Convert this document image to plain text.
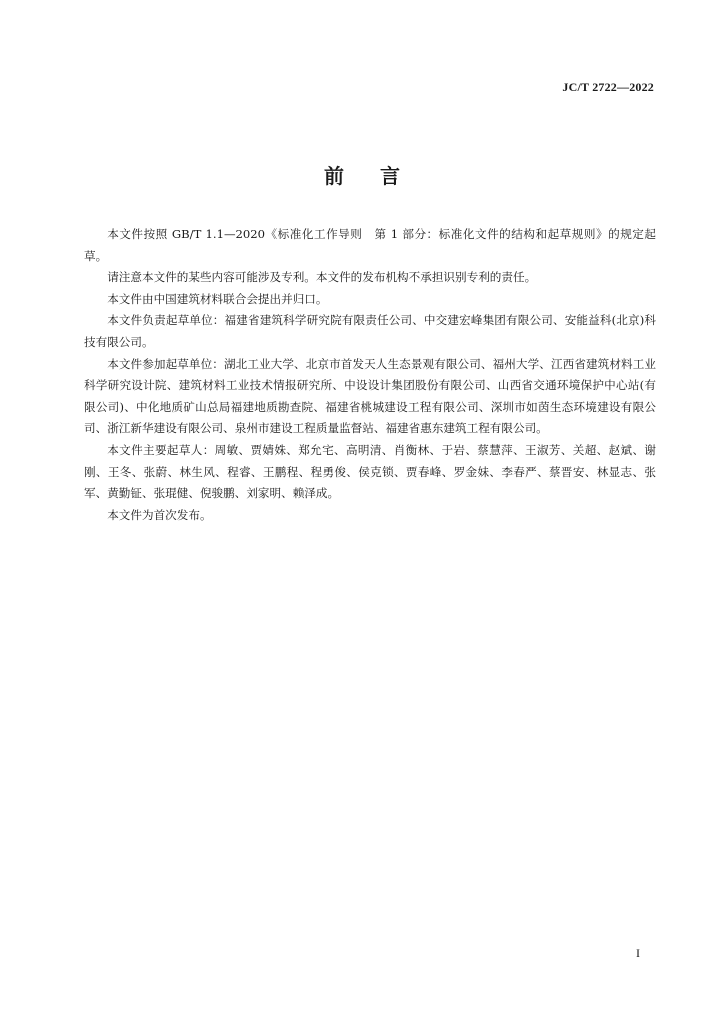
JC/T 2722—2022
前言

本文件按照 GB/T 1.1—2020《标准化工作导则　第 1 部分：标准化文件的结构和起草规则》的规定起草。

请注意本文件的某些内容可能涉及专利。本文件的发布机构不承担识别专利的责任。

本文件由中国建筑材料联合会提出并归口。

本文件负责起草单位：福建省建筑科学研究院有限责任公司、中交建宏峰集团有限公司、安能益科(北京)科技有限公司。

本文件参加起草单位：湖北工业大学、北京市首发天人生态景观有限公司、福州大学、江西省建筑材料工业科学研究设计院、建筑材料工业技术情报研究所、中设设计集团股份有限公司、山西省交通环境保护中心站(有限公司)、中化地质矿山总局福建地质勘查院、福建省桃城建设工程有限公司、深圳市如茵生态环境建设有限公司、浙江新华建设有限公司、泉州市建设工程质量监督站、福建省惠东建筑工程有限公司。

本文件主要起草人：周敏、贾婧姝、郑允宅、高明清、肖衡林、于岩、蔡慧萍、王淑芳、关超、赵斌、谢刚、王冬、张蔚、林生风、程睿、王鹏程、程勇俊、侯克锁、贾春峰、罗金妹、李春严、蔡晋安、林显志、张军、黄勤钲、张琨健、倪骏鹏、刘家明、赖泽成。

本文件为首次发布。

I
